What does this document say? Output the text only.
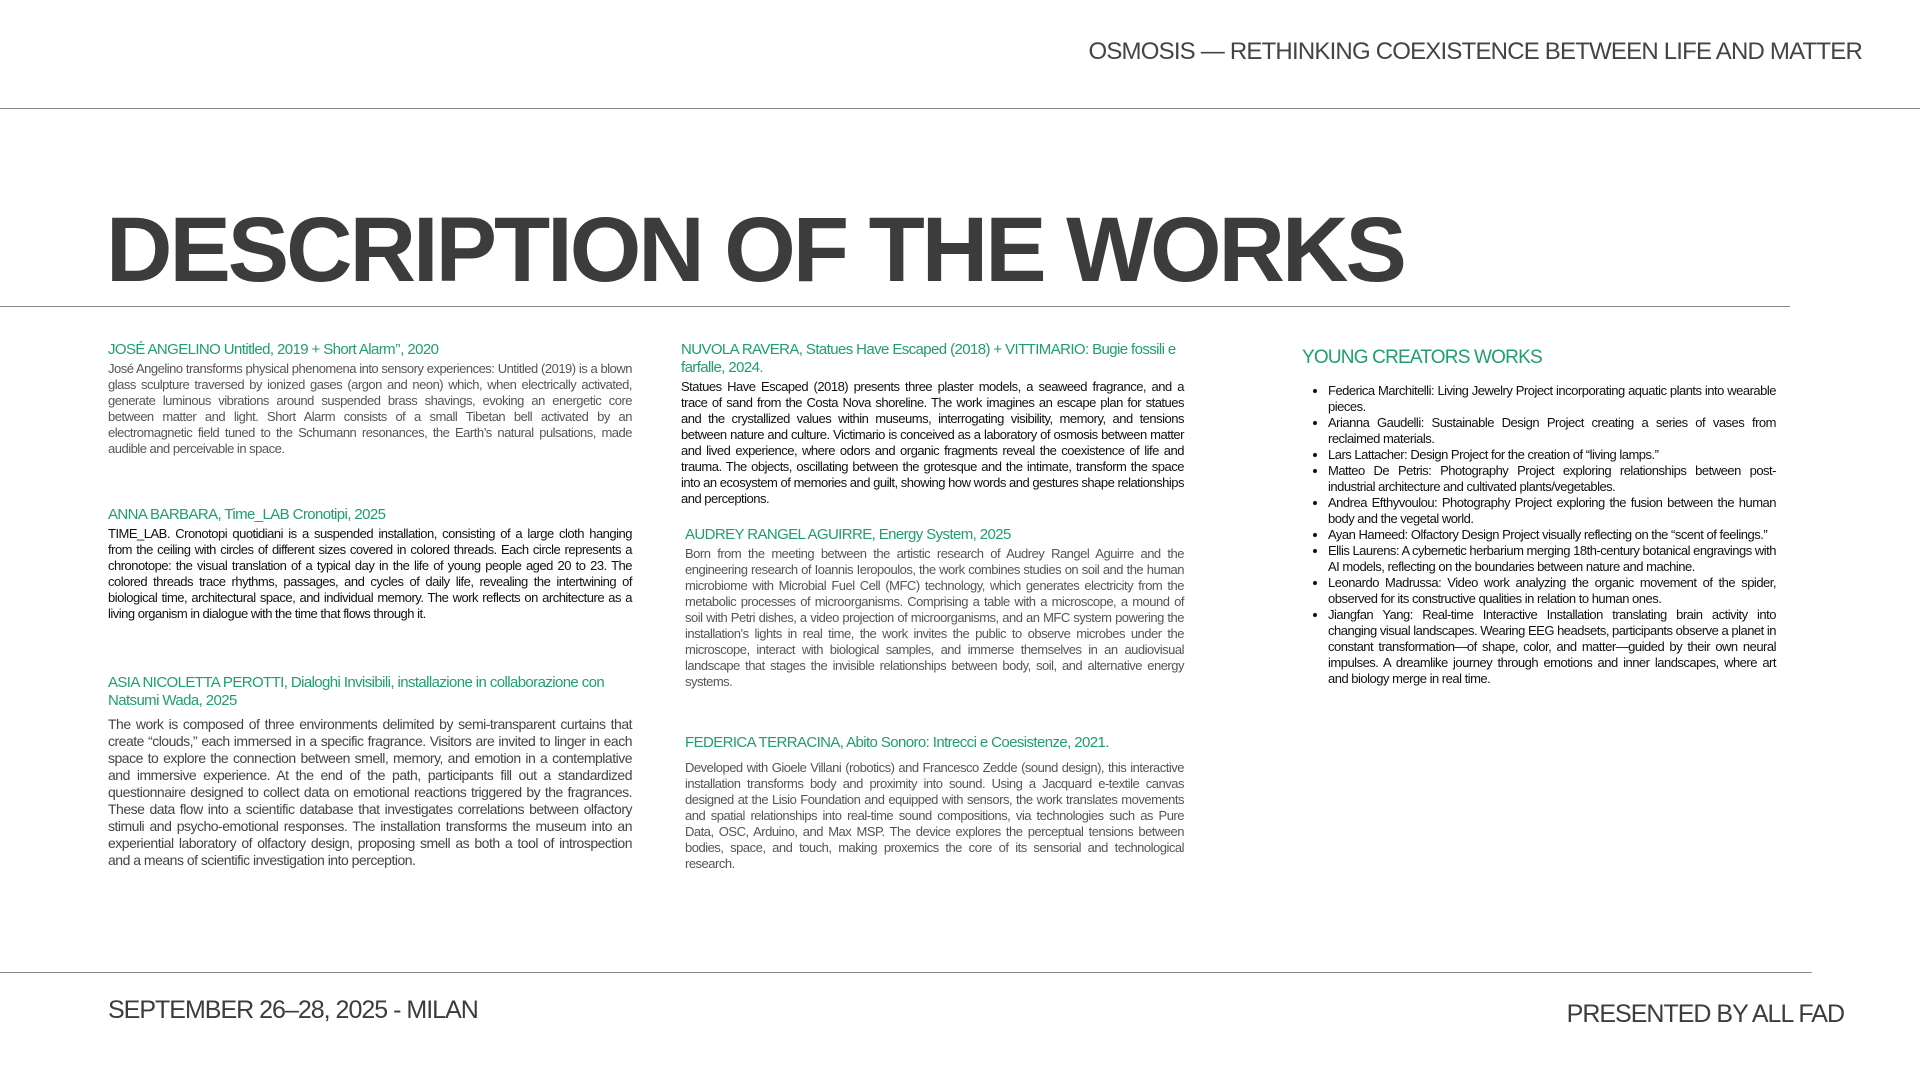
OSMOSIS — RETHINKING COEXISTENCE BETWEEN LIFE AND MATTER
DESCRIPTION OF THE WORKS
JOSÉ ANGELINO Untitled, 2019 + Short Alarm’’, 2020

José Angelino transforms physical phenomena into sensory experiences: Untitled (2019) is a blown glass sculpture traversed by ionized gases (argon and neon) which, when electrically activated, generate luminous vibrations around suspended brass shavings, evoking an energetic core between matter and light. Short Alarm consists of a small Tibetan bell activated by an electromagnetic field tuned to the Schumann resonances, the Earth’s natural pulsations, made audible and perceivable in space.

ANNA BARBARA, Time_LAB Cronotipi, 2025

TIME_LAB. Cronotopi quotidiani is a suspended installation, consisting of a large cloth hanging from the ceiling with circles of different sizes covered in colored threads. Each circle represents a chronotope: the visual translation of a typical day in the life of young people aged 20 to 23. The colored threads trace rhythms, passages, and cycles of daily life, revealing the intertwining of biological time, architectural space, and individual memory. The work reflects on architecture as a living organism in dialogue with the time that flows through it.

ASIA NICOLETTA PEROTTI, Dialoghi Invisibili, installazione in collaborazione con Natsumi Wada, 2025

The work is composed of three environments delimited by semi-transparent curtains that create “clouds,” each immersed in a specific fragrance. Visitors are invited to linger in each space to explore the connection between smell, memory, and emotion in a contemplative and immersive experience. At the end of the path, participants fill out a standardized questionnaire designed to collect data on emotional reactions triggered by the fragrances. These data flow into a scientific database that investigates correlations between olfactory stimuli and psycho-emotional responses. The installation transforms the museum into an experiential laboratory of olfactory design, proposing smell as both a tool of introspection and a means of scientific investigation into perception.

NUVOLA RAVERA, Statues Have Escaped (2018) + VITTIMARIO: Bugie fossili e farfalle, 2024.

Statues Have Escaped (2018) presents three plaster models, a seaweed fragrance, and a trace of sand from the Costa Nova shoreline. The work imagines an escape plan for statues and the crystallized values within museums, interrogating visibility, memory, and tensions between nature and culture. Victimario is conceived as a laboratory of osmosis between matter and lived experience, where odors and organic fragments reveal the coexistence of life and trauma. The objects, oscillating between the grotesque and the intimate, transform the space into an ecosystem of memories and guilt, showing how words and gestures shape relationships and perceptions.

AUDREY RANGEL AGUIRRE, Energy System, 2025

Born from the meeting between the artistic research of Audrey Rangel Aguirre and the engineering research of Ioannis Ieropoulos, the work combines studies on soil and the human microbiome with Microbial Fuel Cell (MFC) technology, which generates electricity from the metabolic processes of microorganisms. Comprising a table with a microscope, a mound of soil with Petri dishes, a video projection of microorganisms, and an MFC system powering the installation’s lights in real time, the work invites the public to observe microbes under the microscope, interact with biological samples, and immerse themselves in an audiovisual landscape that stages the invisible relationships between body, soil, and alternative energy systems.

FEDERICA TERRACINA, Abito Sonoro: Intrecci e Coesistenze, 2021.

Developed with Gioele Villani (robotics) and Francesco Zedde (sound design), this interactive installation transforms body and proximity into sound. Using a Jacquard e-textile canvas designed at the Lisio Foundation and equipped with sensors, the work translates movements and spatial relationships into real-time sound compositions, via technologies such as Pure Data, OSC, Arduino, and Max MSP. The device explores the perceptual tensions between bodies, space, and touch, making proxemics the core of its sensorial and technological research.

YOUNG CREATORS WORKS
• Federica Marchitelli: Living Jewelry Project incorporating aquatic plants into wearable pieces.
• Arianna Gaudelli: Sustainable Design Project creating a series of vases from reclaimed materials.
• Lars Lattacher: Design Project for the creation of “living lamps.”
• Matteo De Petris: Photography Project exploring relationships between post-industrial architecture and cultivated plants/vegetables.
• Andrea Efthyvoulou: Photography Project exploring the fusion between the human body and the vegetal world.
• Ayan Hameed: Olfactory Design Project visually reflecting on the “scent of feelings.”
• Ellis Laurens: A cybernetic herbarium merging 18th-century botanical engravings with AI models, reflecting on the boundaries between nature and machine.
• Leonardo Madrussa: Video work analyzing the organic movement of the spider, observed for its constructive qualities in relation to human ones.
• Jiangfan Yang: Real-time Interactive Installation translating brain activity into changing visual landscapes. Wearing EEG headsets, participants observe a planet in constant transformation—of shape, color, and matter—guided by their own neural impulses. A dreamlike journey through emotions and inner landscapes, where art and biology merge in real time.
SEPTEMBER 26–28, 2025 - MILAN	PRESENTED BY ALL FAD
